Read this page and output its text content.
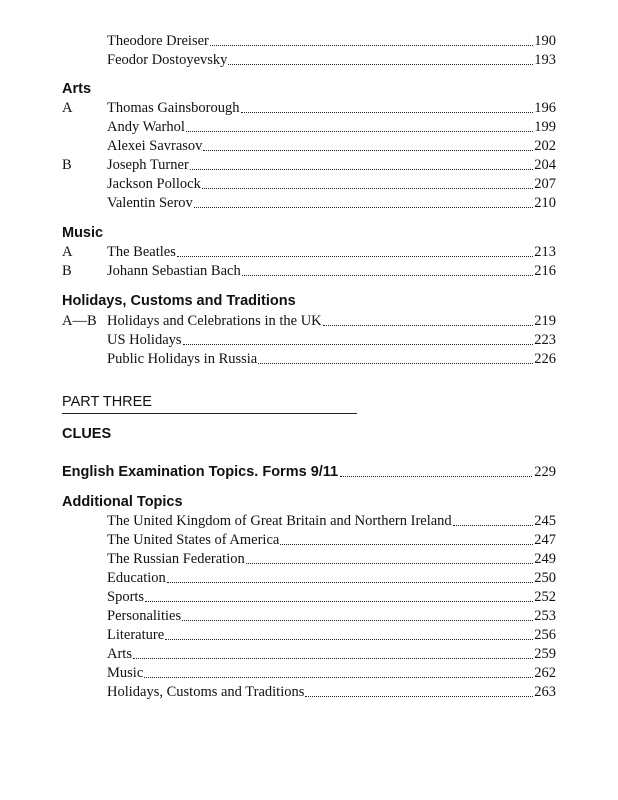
Theodore Dreiser	190
Feodor Dostoyevsky	193
Arts
A Thomas Gainsborough	196
Andy Warhol	199
Alexei Savrasov	202
B Joseph Turner	204
Jackson Pollock	207
Valentin Serov	210
Music
A The Beatles	213
B Johann Sebastian Bach	216
Holidays, Customs and Traditions
A—B Holidays and Celebrations in the UK	219
US Holidays	223
Public Holidays in Russia	226
PART THREE
CLUES
English Examination Topics. Forms 9/11	229
Additional Topics
The United Kingdom of Great Britain and Northern Ireland	245
The United States of America	247
The Russian Federation	249
Education	250
Sports	252
Personalities	253
Literature	256
Arts	259
Music	262
Holidays, Customs and Traditions	263
